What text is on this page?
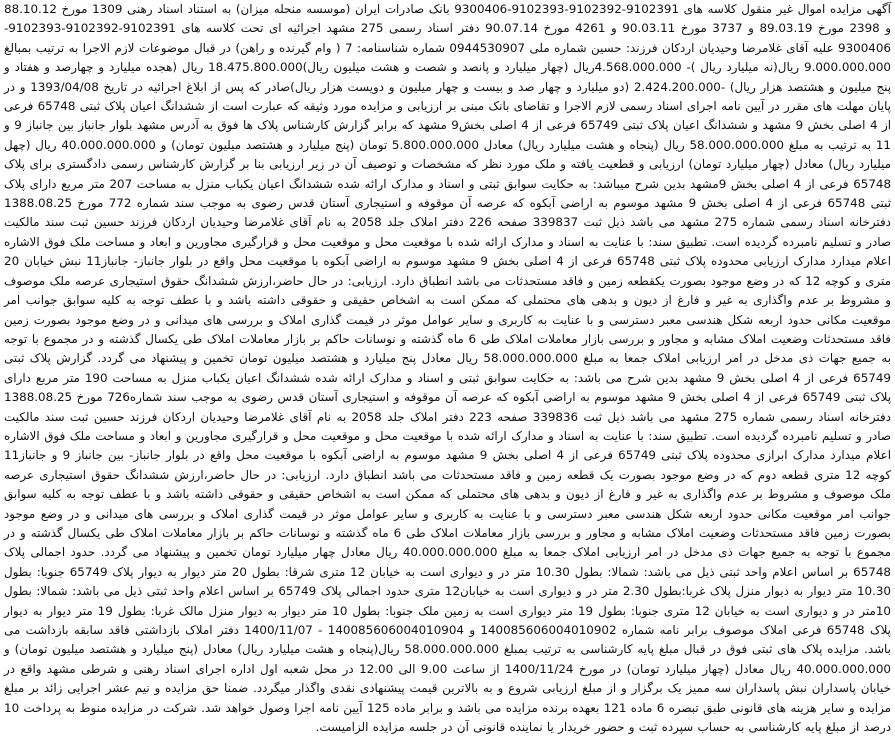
آگهی مزایده اموال غیر منقول کلاسه های 9102391-9102392-9102393-9300406 بانک صادرات ایران (موسسه منحله میزان) به استناد اسناد رهنی 1309 مورخ 88.10.12 و 2398 مورخ 89.03.19 و 3737 مورخ 90.03.11 و 4261 مورخ 90.07.14 دفتر اسناد رسمی 275 مشهد اجرائیه ای تحت کلاسه های 9102391-9102392-9102393-9300406 علیه آقای غلامرضا وحیدیان اردکان فرزند: حسین شماره ملی 0944530907 شماره شناسنامه: 7 ( وام گیرنده و راهن) در قبال موضوعات لازم الاجرا به ترتیب بمبالغ 9.000.000.000 ریال(نه میلیارد ریال )- 4.568.000.000ریال (چهار میلیارد و پانصد و شصت و هشت میلیون ریال)18.475.800.000 ریال (هجده میلیارد و چهارصد و هفتاد و پنج میلیون و هشتصد هزار ریال) -2.424.200.000 (دو میلیارد و چهار صد و بیست و چهار میلیون و دویست هزار ریال)صادر که پس از ابلاغ اجرائیه در تاریخ 1393/04/08 و در پایان مهلت های مقرر در آیین نامه اجرای اسناد رسمی لازم الاجرا و تقاضای بانک مبنی بر ارزیابی و مزایده مورد وثیقه که عبارت است از ششدانگ اعیان پلاک ثبتی 65748 فرعی از 4 اصلی بخش 9 مشهد و ششدانگ اعیان پلاک ثبتی 65749 فرعی از 4 اصلی بخش9 مشهد که برابر گزارش کارشناس پلاک ها فوق به آدرس مشهد بلوار جانباز بین جانباز 9 و 11 به ترتیب به مبلغ 58.000.000.000 ریال (پنجاه و هشت میلیارد ریال) معادل 5.800.000.000 تومان (پنج میلیارد و هشتصد میلیون تومان) و 40.000.000.000 ریال (چهل میلیارد ریال) معادل (چهار میلیارد تومان) ارزیابی و قطعیت یافته و ملک مورد نظر که مشخصات و توصیف آن در زیر ارزیابی بنا بر گزارش کارشناس رسمی دادگستری برای پلاک 65748 فرعی از 4 اصلی بخش 9مشهد بدین شرح میباشد: به حکایت سوابق ثبتی و اسناد و مدارک ارائه شده ششدانگ اعیان یکباب منزل به مساحت 207 متر مربع دارای پلاک ثبتی 65748 فرعی از 4 اصلی بخش 9 مشهد موسوم به اراضی آبکوه که عرصه آن موقوفه و استیجاری آستان قدس رضوی به موجب سند شماره 772 مورخ 1388.08.25 دفترخانه اسناد رسمی شماره 275 مشهد می باشد ذیل ثبت 339837 صفحه 226 دفتر املاک جلد 2058 به نام آقای غلامرضا وحیدیان اردکان فرزند حسین ثبت سند مالکیت صادر و تسلیم نامبرده گردیده است. تطبیق سند: با عنایت به اسناد و مدارک ارائه شده با موقعیت محل و موقعیت محل و قرارگیری مجاورین و ابعاد و مساحت ملک فوق الاشاره اعلام میدارد مدارک ارزیابی محدوده پلاک ثبتی 65748 فرعی از 4 اصلی بخش 9 مشهد موسوم به اراضی آبکوه با موقعیت محل واقع در بلوار جانباز- جانباز11 نبش خیابان 20 متری و کوچه 12 که در وضع موجود بصورت یکقطعه زمین و فاقد مستحدثات می باشد انطباق دارد. ارزیابی: در حال حاضر،ارزش ششدانگ حقوق استیجاری عرصه ملک موصوف و مشروط بر عدم واگذاری به غیر و فارغ از دیون و بدهی های محتملی که ممکن است به اشخاص حقیقی و حقوقی داشته باشد و با عطف توجه به کلیه سوابق جوانب امر موقعیت مکانی حدود اربعه شکل هندسی معبر دسترسی و با عنایت به کاربری و سایر عوامل موثر در قیمت گذاری املاک و بررسی های میدانی و در وضع موجود بصورت زمین فاقد مستحدثات وضعیت املاک مشابه و مجاور و بررسی بازار معاملات املاک طی 6 ماه گذشته و نوسانات حاکم بر بازار معاملات املاک طی یکسال گذشته و در مجموع با توجه به جمیع جهات ذی مدخل در امر ارزیابی املاک جمعا به مبلغ 58.000.000.000 ریال معادل پنج میلیارد و هشتصد میلیون تومان تخمین و پیشنهاد می گردد. گزارش پلاک ثبتی 65749 فرعی از 4 اصلی بخش 9 مشهد بدین شرح می باشد: به حکایت سوابق ثبتی و اسناد و مدارک ارائه شده ششدانگ اعیان یکباب منزل به مساحت 190 متر مربع دارای پلاک ثبتی 65749 فرعی از 4 اصلی بخش 9 مشهد موسوم به اراضی آبکوه که عرصه آن موقوفه و استیجاری آستان قدس رضوی به موجب سند شماره726 مورخ 1388.08.25 دفترخانه اسناد رسمی شماره 275 مشهد می باشد ذیل ثبت 339836 صفحه 223 دفتر املاک جلد 2058 به نام آقای غلامرضا وحیدیان اردکان فرزند حسین ثبت سند مالکیت صادر و تسلیم نامبرده گردیده است. تطبیق سند: با عنایت به اسناد و مدارک ارائه شده با موقعیت محل و موقعیت محل و قرارگیری مجاورین و ابعاد و مساحت ملک فوق الاشاره اعلام میدارد مدارک ابرازی محدوده پلاک ثبتی 65749 فرعی از 4 اصلی بخش 9 مشهد موسوم به اراضی آبکوه با موقعیت محل واقع در بلوار جانباز- بین جانباز 9 و جانباز11 کوچه 12 متری قطعه دوم که در وضع موجود بصورت یک قطعه زمین و فاقد مستحدثات می باشد انطباق دارد. ارزیابی: در حال حاضر،ارزش ششدانگ حقوق استیجاری عرصه ملک موصوف و مشروط بر عدم واگذاری به غیر و فارغ از دیون و بدهی های محتملی که ممکن است به اشخاص حقیقی و حقوقی داشته باشد و با عطف توجه به کلیه سوابق جوانب امر موقعیت مکانی حدود اربعه شکل هندسی معبر دسترسی و با عنایت به کاربری و سایر عوامل موثر در قیمت گذاری املاک و بررسی های میدانی و در وضع موجود بصورت زمین فاقد مستحدثات وضعیت املاک مشابه و مجاور و بررسی بازار معاملات املاک طی 6 ماه گذشته و نوسانات حاکم بر بازار معاملات املاک طی یکسال گذشته و در مجموع با توجه به جمیع جهات ذی مدخل در امر ارزیابی املاک جمعا به مبلغ 40.000.000.000 ریال معادل چهار میلیارد تومان تخمین و پیشنهاد می گردد. حدود اجمالی پلاک 65748 بر اساس اعلام واحد ثبتی ذیل می باشد: شمالا: بطول 10.30 متر در و دیواری است به خیابان 12 متری شرقا: بطول 20 متر دیوار به دیوار پلاک 65749 جنوبا: بطول 10.30 متر دیوار به دیوار منزل پلاک غربا:بطول 2.30 متر در و دیواری است به خیابان12 متری حدود اجمالی پلاک 65749 بر اساس اعلام واحد ثبتی ذیل می باشد: شمالا: بطول 10متر در و دیواری است به خیابان 12 متری جنوبا: بطول 19 متر دیواری است به زمین ملک جنوبا: بطول 10 متر دیوار به دیوار منزل مالک غربا: بطول 19 متر دیوار به دیوار پلاک 65748 فرعی املاک موصوف برابر نامه شماره 140085606004010902 و 140085606004010904 - 1400/11/07 دفتر املاک بازداشتی فاقد سابقه بازداشت می باشد. مزایده پلاک های ثبتی فوق در قبال مبلغ پایه کارشناسی به ترتیب بمبلغ 58.000.000.000 ریال(پنجاه و هشت میلیارد ریال) معادل (پنج میلیارد و هشتصد میلیون تومان) و 40.000.000.000 ریال معادل (چهار میلیارد تومان) در مورخ 1400/11/24 از ساعت 9.00 الی 12.00 در محل شعبه اول اداره اجرای اسناد رهنی و شرطی مشهد واقع در خیابان پاسداران نبش پاسداران سه ممیز یک برگزار و از مبلغ ارزیابی شروع و به بالاترین قیمت پیشنهادی نقدی واگذار میگردد. ضمنا حق مزایده و نیم عشر اجرایی زائد بر مبلغ مزایده و سایر هزینه های قانونی طبق تبصره 6 ماده 121 بعهده برنده مزایده می باشد و برابر ماده 125 آیین نامه اجرا وصول خواهد شد. شرکت در مزایده منوط به پرداخت 10 درصد از مبلغ پایه کارشناسی به حساب سپرده ثبت و حضور خریدار یا نماینده قانونی آن در جلسه مزایده الزامیست.
